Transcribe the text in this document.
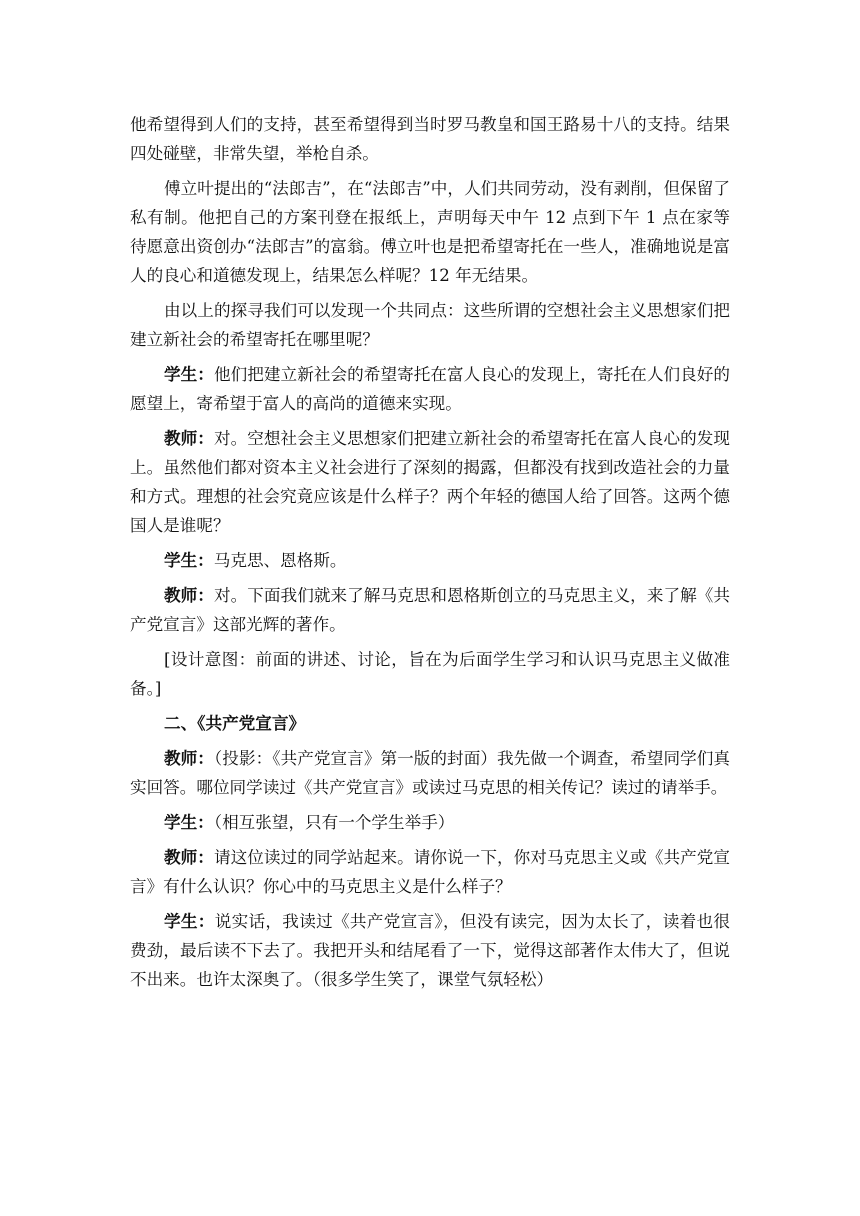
他希望得到人们的支持，甚至希望得到当时罗马教皇和国王路易十八的支持。结果四处碰壁，非常失望，举枪自杀。

傅立叶提出的“法郎吉”，在“法郎吉”中，人们共同劳动，没有剥削，但保留了私有制。他把自己的方案刊登在报纸上，声明每天中午 12 点到下午 1 点在家等待愿意出资创办“法郎吉”的富翁。傅立叶也是把希望寄托在一些人，准确地说是富人的良心和道德发现上，结果怎么样呢？12 年无结果。

由以上的探寻我们可以发现一个共同点：这些所谓的空想社会主义思想家们把建立新社会的希望寄托在哪里呢？

学生：他们把建立新社会的希望寄托在富人良心的发现上，寄托在人们良好的愿望上，寄希望于富人的高尚的道德来实现。

教师：对。空想社会主义思想家们把建立新社会的希望寄托在富人良心的发现上。虽然他们都对资本主义社会进行了深刻的揭露，但都没有找到改造社会的力量和方式。理想的社会究竟应该是什么样子？两个年轻的德国人给了回答。这两个德国人是谁呢？

学生：马克思、恩格斯。

教师：对。下面我们就来了解马克思和恩格斯创立的马克思主义，来了解《共产党宣言》这部光辉的著作。

[设计意图：前面的讲述、讨论，旨在为后面学生学习和认识马克思主义做准备。]

二、《共产党宣言》

教师：（投影：《共产党宣言》第一版的封面）我先做一个调查，希望同学们真实回答。哪位同学读过《共产党宣言》或读过马克思的相关传记？读过的请举手。

学生：（相互张望，只有一个学生举手）

教师：请这位读过的同学站起来。请你说一下，你对马克思主义或《共产党宣言》有什么认识？你心中的马克思主义是什么样子？

学生：说实话，我读过《共产党宣言》，但没有读完，因为太长了，读着也很费劲，最后读不下去了。我把开头和结尾看了一下，觉得这部著作太伟大了，但说不出来。也许太深奥了。（很多学生笑了，课堂气氛轻松）
